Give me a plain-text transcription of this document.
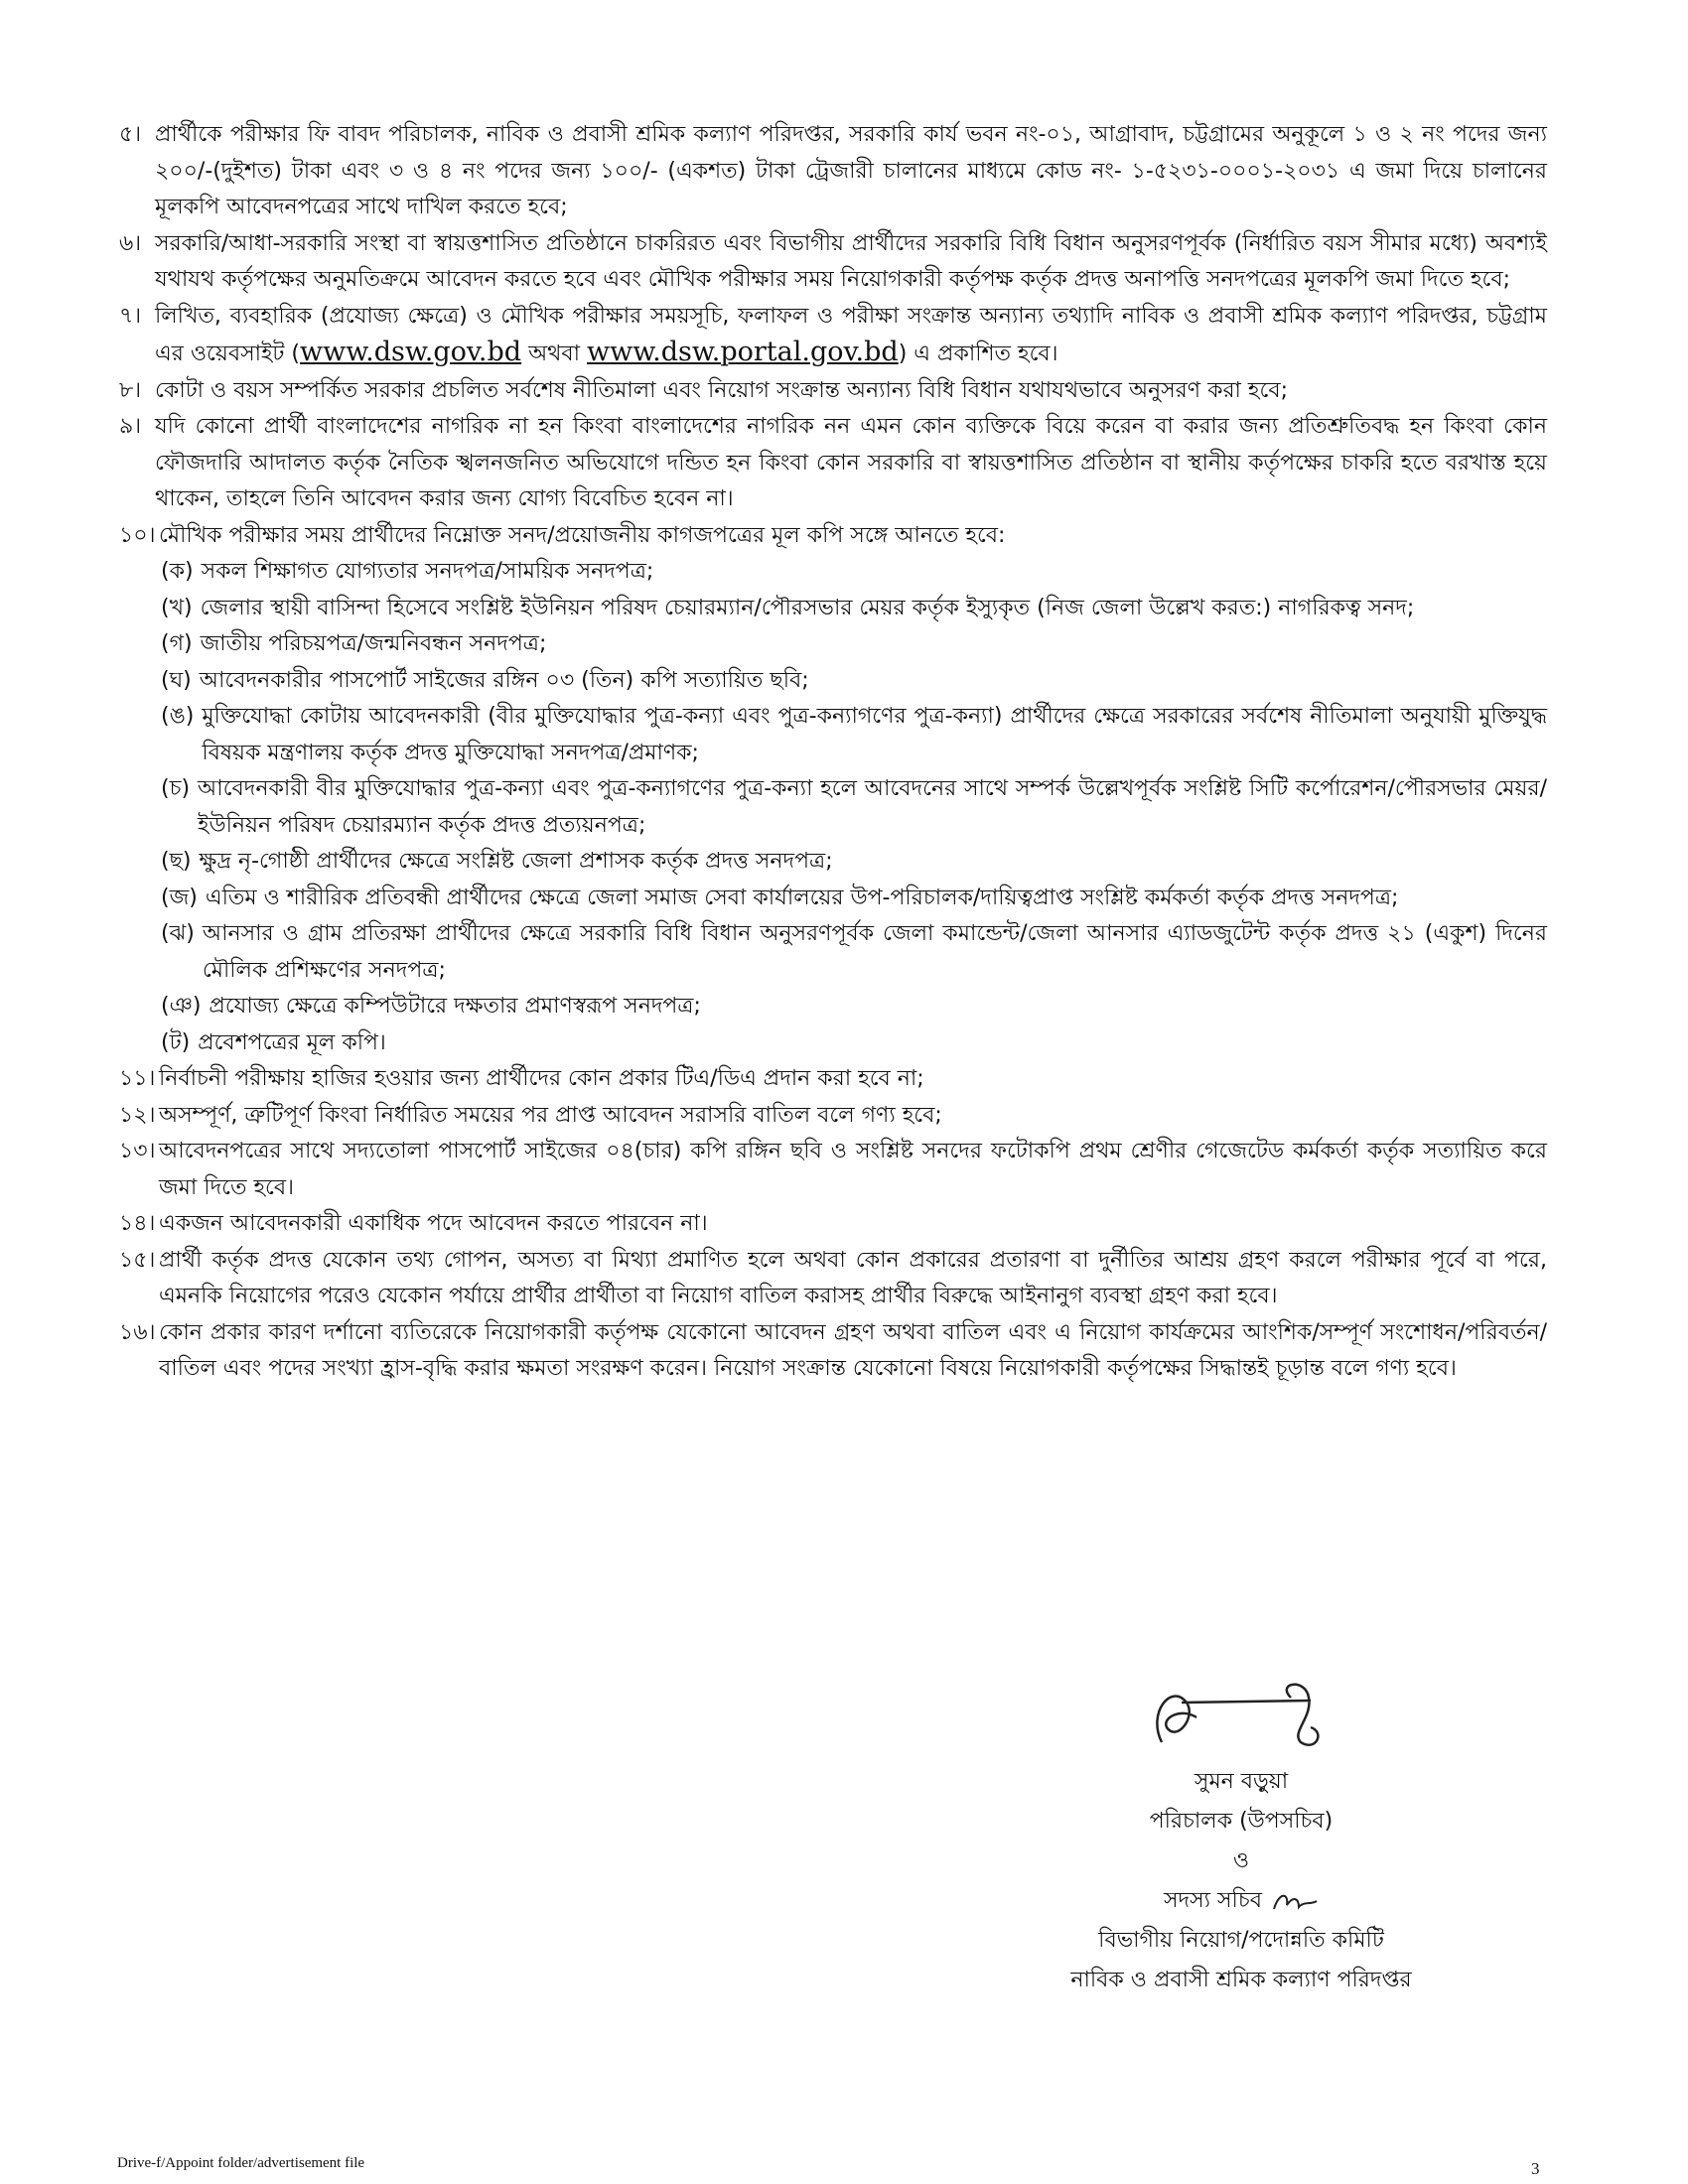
৫। প্রার্থীকে পরীক্ষার ফি বাবদ পরিচালক, নাবিক ও প্রবাসী শ্রমিক কল্যাণ পরিদপ্তর, সরকারি কার্য ভবন নং-০১, আগ্রাবাদ, চট্টগ্রামের অনুকূলে ১ ও ২ নং পদের জন্য ২০০/-(দুইশত) টাকা এবং ৩ ও ৪ নং পদের জন্য ১০০/- (একশত) টাকা ট্রেজারী চালানের মাধ্যমে কোড নং- ১-৫২৩১-০০০১-২০৩১ এ জমা দিয়ে চালানের মূলকপি আবেদনপত্রের সাথে দাখিল করতে হবে;
৬। সরকারি/আধা-সরকারি সংস্থা বা স্বায়ত্তশাসিত প্রতিষ্ঠানে চাকরিরত এবং বিভাগীয় প্রার্থীদের সরকারি বিধি বিধান অনুসরণপূর্বক (নির্ধারিত বয়স সীমার মধ্যে) অবশ্যই যথাযথ কর্তৃপক্ষের অনুমতিক্রমে আবেদন করতে হবে এবং মৌখিক পরীক্ষার সময় নিয়োগকারী কর্তৃপক্ষ কর্তৃক প্রদত্ত অনাপত্তি সনদপত্রের মূলকপি জমা দিতে হবে;
৭। লিখিত, ব্যবহারিক (প্রযোজ্য ক্ষেত্রে) ও মৌখিক পরীক্ষার সময়সূচি, ফলাফল ও পরীক্ষা সংক্রান্ত অন্যান্য তথ্যাদি নাবিক ও প্রবাসী শ্রমিক কল্যাণ পরিদপ্তর, চট্টগ্রাম এর ওয়েবসাইট (www.dsw.gov.bd অথবা www.dsw.portal.gov.bd) এ প্রকাশিত হবে।
৮। কোটা ও বয়স সম্পর্কিত সরকার প্রচলিত সর্বশেষ নীতিমালা এবং নিয়োগ সংক্রান্ত অন্যান্য বিধি বিধান যথাযথভাবে অনুসরণ করা হবে;
৯। যদি কোনো প্রার্থী বাংলাদেশের নাগরিক না হন কিংবা বাংলাদেশের নাগরিক নন এমন কোন ব্যক্তিকে বিয়ে করেন বা করার জন্য প্রতিশ্রুতিবদ্ধ হন কিংবা কোন ফৌজদারি আদালত কর্তৃক নৈতিক স্খলনজনিত অভিযোগে দন্ডিত হন কিংবা কোন সরকারি বা স্বায়ত্তশাসিত প্রতিষ্ঠান বা স্থানীয় কর্তৃপক্ষের চাকরি হতে বরখাস্ত হয়ে থাকেন, তাহলে তিনি আবেদন করার জন্য যোগ্য বিবেচিত হবেন না।
১০। মৌখিক পরীক্ষার সময় প্রার্থীদের নিম্নোক্ত সনদ/প্রয়োজনীয় কাগজপত্রের মূল কপি সঙ্গে আনতে হবে:
(ক) সকল শিক্ষাগত যোগ্যতার সনদপত্র/সাময়িক সনদপত্র;
(খ) জেলার স্থায়ী বাসিন্দা হিসেবে সংশ্লিষ্ট ইউনিয়ন পরিষদ চেয়ারম্যান/পৌরসভার মেয়র কর্তৃক ইস্যুকৃত (নিজ জেলা উল্লেখ করত:) নাগরিকত্ব সনদ;
(গ) জাতীয় পরিচয়পত্র/জন্মনিবন্ধন সনদপত্র;
(ঘ) আবেদনকারীর পাসপোর্ট সাইজের রঙ্গিন ০৩ (তিন) কপি সত্যায়িত ছবি;
(ঙ) মুক্তিযোদ্ধা কোটায় আবেদনকারী (বীর মুক্তিযোদ্ধার পুত্র-কন্যা এবং পুত্র-কন্যাগণের পুত্র-কন্যা) প্রার্থীদের ক্ষেত্রে সরকারের সর্বশেষ নীতিমালা অনুযায়ী মুক্তিযুদ্ধ বিষয়ক মন্ত্রণালয় কর্তৃক প্রদত্ত মুক্তিযোদ্ধা সনদপত্র/প্রমাণক;
(চ) আবেদনকারী বীর মুক্তিযোদ্ধার পুত্র-কন্যা এবং পুত্র-কন্যাগণের পুত্র-কন্যা হলে আবেদনের সাথে সম্পর্ক উল্লেখপূর্বক সংশ্লিষ্ট সিটি কর্পোরেশন/পৌরসভার মেয়র/ইউনিয়ন পরিষদ চেয়ারম্যান কর্তৃক প্রদত্ত প্রত্যয়নপত্র;
(ছ) ক্ষুদ্র নৃ-গোষ্ঠী প্রার্থীদের ক্ষেত্রে সংশ্লিষ্ট জেলা প্রশাসক কর্তৃক প্রদত্ত সনদপত্র;
(জ) এতিম ও শারীরিক প্রতিবন্ধী প্রার্থীদের ক্ষেত্রে জেলা সমাজ সেবা কার্যালয়ের উপ-পরিচালক/দায়িত্বপ্রাপ্ত সংশ্লিষ্ট কর্মকর্তা কর্তৃক প্রদত্ত সনদপত্র;
(ঝ) আনসার ও গ্রাম প্রতিরক্ষা প্রার্থীদের ক্ষেত্রে সরকারি বিধি বিধান অনুসরণপূর্বক জেলা কমান্ডেন্ট/জেলা আনসার এ্যাডজুটেন্ট কর্তৃক প্রদত্ত ২১ (একুশ) দিনের মৌলিক প্রশিক্ষণের সনদপত্র;
(ঞ) প্রযোজ্য ক্ষেত্রে কম্পিউটারে দক্ষতার প্রমাণস্বরূপ সনদপত্র;
(ট) প্রবেশপত্রের মূল কপি।
১১। নির্বাচনী পরীক্ষায় হাজির হওয়ার জন্য প্রার্থীদের কোন প্রকার টিএ/ডিএ প্রদান করা হবে না;
১২। অসম্পূর্ণ, ত্রুটিপূর্ণ কিংবা নির্ধারিত সময়ের পর প্রাপ্ত আবেদন সরাসরি বাতিল বলে গণ্য হবে;
১৩। আবেদনপত্রের সাথে সদ্যতোলা পাসপোর্ট সাইজের ০৪(চার) কপি রঙ্গিন ছবি ও সংশ্লিষ্ট সনদের ফটোকপি প্রথম শ্রেণীর গেজেটেড কর্মকর্তা কর্তৃক সত্যায়িত করে জমা দিতে হবে।
১৪। একজন আবেদনকারী একাধিক পদে আবেদন করতে পারবেন না।
১৫। প্রার্থী কর্তৃক প্রদত্ত যেকোন তথ্য গোপন, অসত্য বা মিথ্যা প্রমাণিত হলে অথবা কোন প্রকারের প্রতারণা বা দুর্নীতির আশ্রয় গ্রহণ করলে পরীক্ষার পূর্বে বা পরে, এমনকি নিয়োগের পরেও যেকোন পর্যায়ে প্রার্থীর প্রার্থীতা বা নিয়োগ বাতিল করাসহ প্রার্থীর বিরুদ্ধে আইনানুগ ব্যবস্থা গ্রহণ করা হবে।
১৬। কোন প্রকার কারণ দর্শানো ব্যতিরেকে নিয়োগকারী কর্তৃপক্ষ যেকোনো আবেদন গ্রহণ অথবা বাতিল এবং এ নিয়োগ কার্যক্রমের আংশিক/সম্পূর্ণ সংশোধন/পরিবর্তন/বাতিল এবং পদের সংখ্যা হ্রাস-বৃদ্ধি করার ক্ষমতা সংরক্ষণ করেন। নিয়োগ সংক্রান্ত যেকোনো বিষয়ে নিয়োগকারী কর্তৃপক্ষের সিদ্ধান্তই চূড়ান্ত বলে গণ্য হবে।
সুমন বড়ুয়া
পরিচালক (উপসচিব)
ও
সদস্য সচিব
বিভাগীয় নিয়োগ/পদোন্নতি কমিটি
নাবিক ও প্রবাসী শ্রমিক কল্যাণ পরিদপ্তর
Drive-f/Appoint folder/advertisement file	3
